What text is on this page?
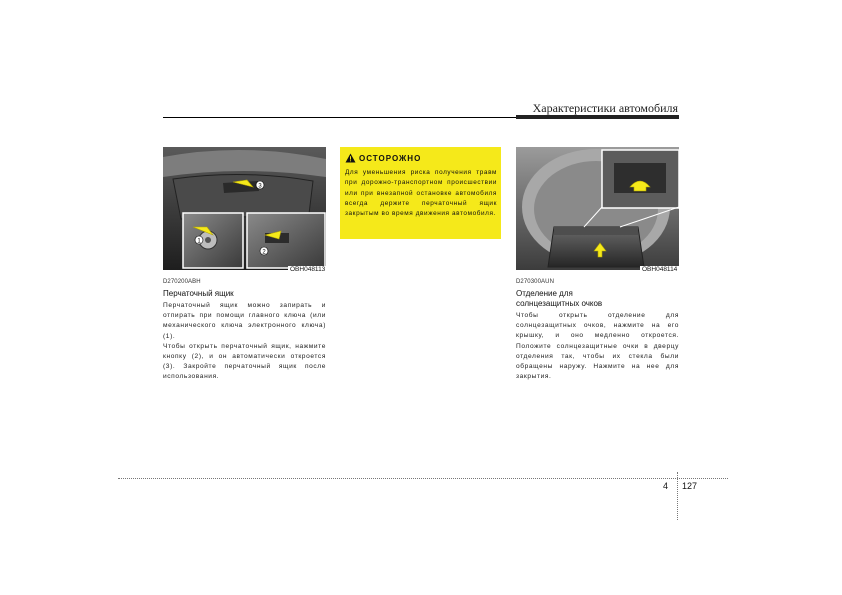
Характеристики автомобиля
3
1
2
OBH048113
D270200ABH
Перчаточный ящик

Перчаточный ящик можно запирать и отпирать при помощи главного ключа (или механического ключа электронного ключа) (1).

Чтобы открыть перчаточный ящик, нажмите кнопку (2), и он автоматически откроется (3). Закройте перчаточный ящик после использования.

ОСТОРОЖНО
Для уменьшения риска получения травм при дорожно-транспортном происшествии или при внезапной остановке автомобиля всегда держите перчаточный ящик закрытым во время движения автомобиля.
OBH048114
D270300AUN
Отделение для
солнцезащитных очков
Чтобы открыть отделение для солнцезащитных очков, нажмите на его крышку, и оно медленно откроется. Положите солнцезащитные очки в дверцу отделения так, чтобы их стекла были обращены наружу. Нажмите на нее для закрытия.
4 127
